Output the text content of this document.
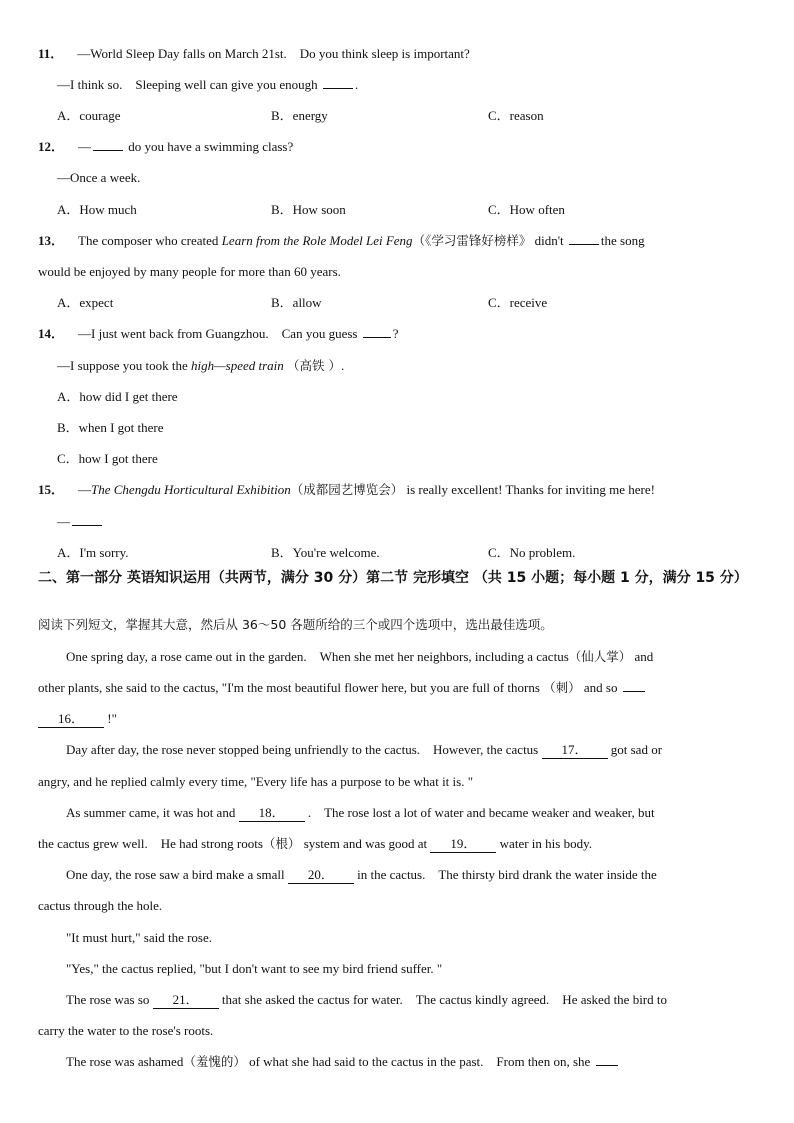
11． —World Sleep Day falls on March 21st.　Do you think sleep is important?
—I think so.　Sleeping well can give you enough	.
A．courage	B．energy	C．reason
12． —	do you have a swimming class?
—Once a week.
A．How much	B．How soon	C．How often
13． The composer who created Learn from the Role Model Lei Feng（《学习雷锋好榜样》 didn't	the song
would be enjoyed by many people for more than 60 years.
A．expect	B．allow	C．receive
14． —I just went back from Guangzhou.　Can you guess	?
—I suppose you took the high—speed train （高铁 ）.
A．how did I get there
B．when I got there
C．how I got there
15． —The Chengdu Horticultural Exhibition（成都园艺博览会） is really excellent! Thanks for inviting me here!
—
A．I'm sorry.	B．You're welcome.	C．No problem.
二、第一部分 英语知识运用（共两节，满分 30 分）第二节 完形填空 （共 15 小题；每小题 1 分，满分 15 分）
阅读下列短文，掌握其大意，然后从 36～50 各题所给的三个或四个选项中，选出最佳选项。
One spring day, a rose came out in the garden.　When she met her neighbors, including a cactus（仙人掌） and
other plants, she said to the cactus, "I'm the most beautiful flower here, but you are full of thorns （刺） and so
16． !"
Day after day, the rose never stopped being unfriendly to the cactus.　However, the cactus 17． got sad or
angry, and he replied calmly every time, "Every life has a purpose to be what it is. "
As summer came, it was hot and 18． .　The rose lost a lot of water and became weaker and weaker, but
the cactus grew well.　He had strong roots（根） system and was good at 19． water in his body.
One day, the rose saw a bird make a small 20． in the cactus.　The thirsty bird drank the water inside the
cactus through the hole.
"It must hurt," said the rose.
"Yes," the cactus replied, "but I don't want to see my bird friend suffer. "
The rose was so 21． that she asked the cactus for water.　The cactus kindly agreed.　He asked the bird to
carry the water to the rose's roots.
The rose was ashamed（羞愧的） of what she had said to the cactus in the past.　From then on, she
